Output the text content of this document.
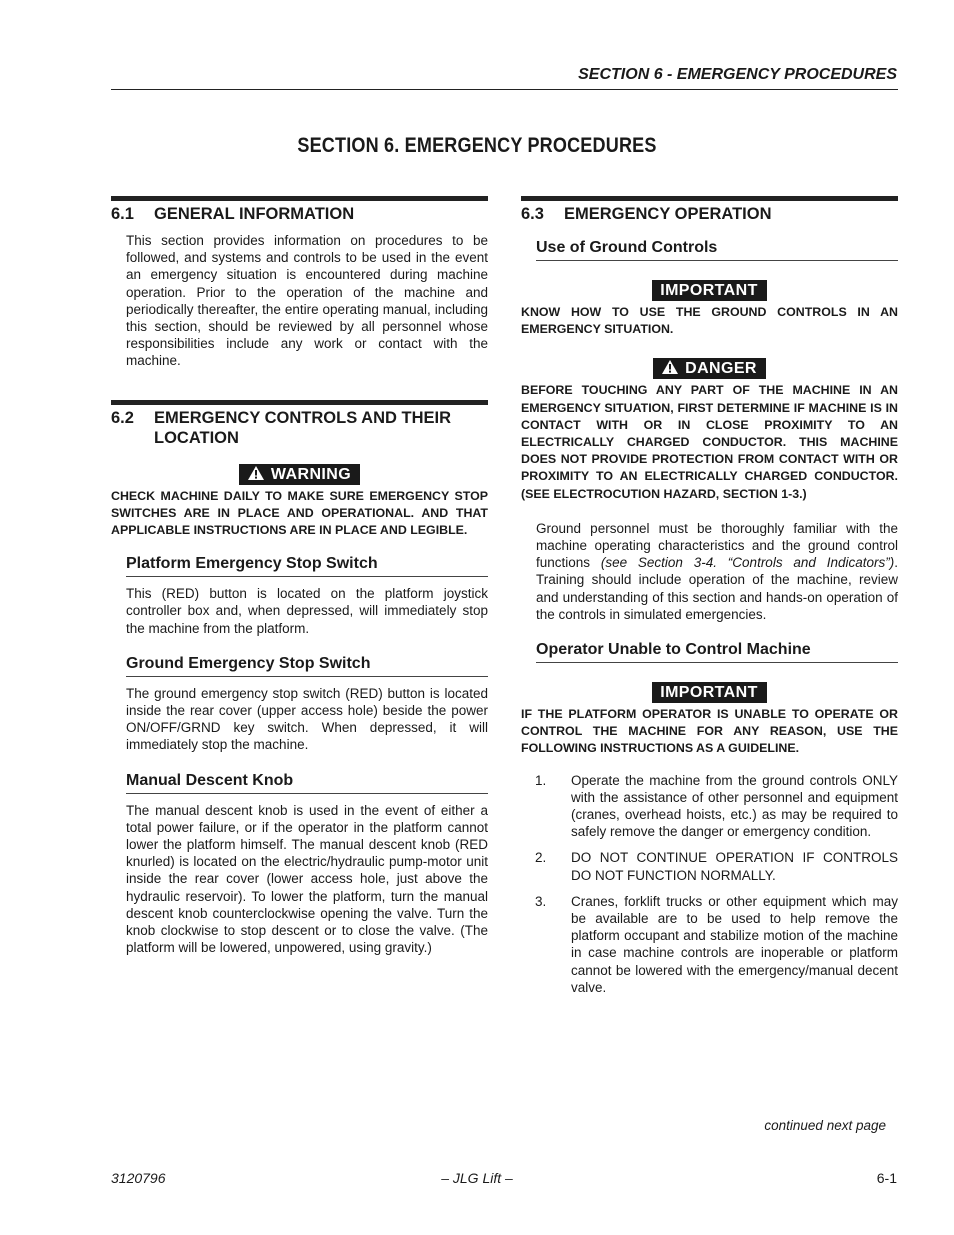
SECTION 6 - EMERGENCY PROCEDURES
SECTION 6. EMERGENCY PROCEDURES
6.1	GENERAL INFORMATION

This section provides information on procedures to be followed, and systems and controls to be used in the event an emergency situation is encountered during machine operation. Prior to the operation of the machine and periodically thereafter, the entire operating manual, including this section, should be reviewed by all personnel whose responsibilities include any work or contact with the machine.

6.2	EMERGENCY CONTROLS AND THEIR LOCATION
WARNING

CHECK MACHINE DAILY TO MAKE SURE EMERGENCY STOP SWITCHES ARE IN PLACE AND OPERATIONAL. AND THAT APPLICABLE INSTRUCTIONS ARE IN PLACE AND LEGIBLE.

Platform Emergency Stop Switch

This (RED) button is located on the platform joystick controller box and, when depressed, will immediately stop the machine from the platform.

Ground Emergency Stop Switch

The ground emergency stop switch (RED) button is located inside the rear cover (upper access hole) beside the power ON/OFF/GRND key switch. When depressed, it will immediately stop the machine.

Manual Descent Knob

The manual descent knob is used in the event of either a total power failure, or if the operator in the platform cannot lower the platform himself. The manual descent knob (RED knurled) is located on the electric/hydraulic pump-motor unit inside the rear cover (lower access hole, just above the hydraulic reservoir). To lower the platform, turn the manual descent knob counterclockwise opening the valve. Turn the knob clockwise to stop descent or to close the valve. (The platform will be lowered, unpowered, using gravity.)

6.3	EMERGENCY OPERATION
Use of Ground Controls
IMPORTANT

KNOW HOW TO USE THE GROUND CONTROLS IN AN EMERGENCY SITUATION.

DANGER

BEFORE TOUCHING ANY PART OF THE MACHINE IN AN EMERGENCY SITUATION, FIRST DETERMINE IF MACHINE IS IN CONTACT WITH OR IN CLOSE PROXIMITY TO AN ELECTRICALLY CHARGED CONDUCTOR. THIS MACHINE DOES NOT PROVIDE PROTECTION FROM CONTACT WITH OR PROXIMITY TO AN ELECTRICALLY CHARGED CONDUCTOR. (SEE ELECTROCUTION HAZARD, SECTION 1-3.)

Ground personnel must be thoroughly familiar with the machine operating characteristics and the ground control functions (see Section 3-4. “Controls and Indicators”). Training should include operation of the machine, review and understanding of this section and hands-on operation of the controls in simulated emergencies.

Operator Unable to Control Machine
IMPORTANT

IF THE PLATFORM OPERATOR IS UNABLE TO OPERATE OR CONTROL THE MACHINE FOR ANY REASON, USE THE FOLLOWING INSTRUCTIONS AS A GUIDELINE.

1.	Operate the machine from the ground controls ONLY with the assistance of other personnel and equipment (cranes, overhead hoists, etc.) as may be required to safely remove the danger or emergency condition.
2.	DO NOT CONTINUE OPERATION IF CONTROLS DO NOT FUNCTION NORMALLY.
3.	Cranes, forklift trucks or other equipment which may be available are to be used to help remove the platform occupant and stabilize motion of the machine in case machine controls are inoperable or platform cannot be lowered with the emergency/manual decent valve.
continued next page
3120796	– JLG Lift –	6-1
